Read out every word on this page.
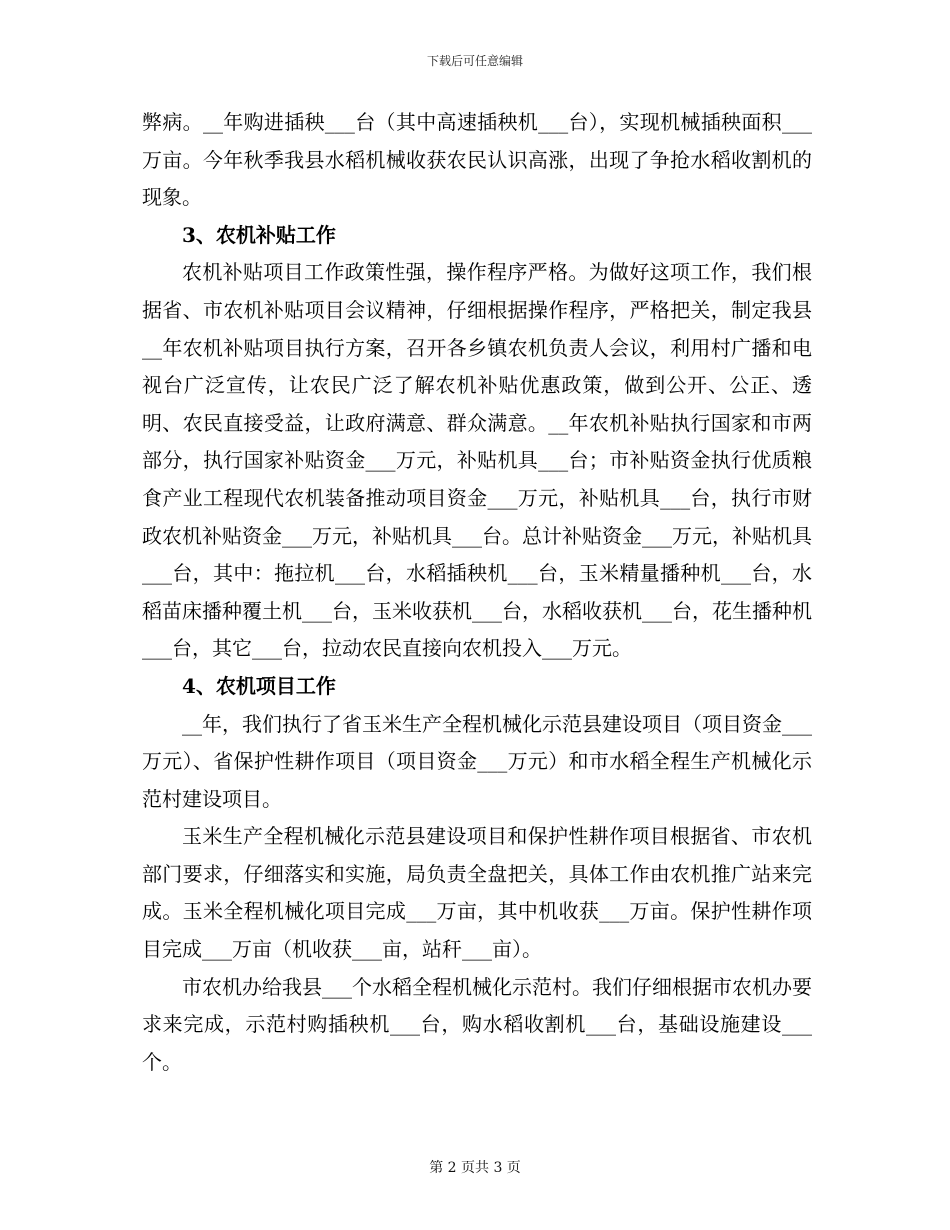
下载后可任意编辑

弊病。__年购进插秧___台（其中高速插秧机___台），实现机械插秧面积___万亩。今年秋季我县水稻机械收获农民认识高涨，出现了争抢水稻收割机的现象。

3、农机补贴工作

农机补贴项目工作政策性强，操作程序严格。为做好这项工作，我们根据省、市农机补贴项目会议精神，仔细根据操作程序，严格把关，制定我县__年农机补贴项目执行方案，召开各乡镇农机负责人会议，利用村广播和电视台广泛宣传，让农民广泛了解农机补贴优惠政策，做到公开、公正、透明、农民直接受益，让政府满意、群众满意。__年农机补贴执行国家和市两部分，执行国家补贴资金___万元，补贴机具___台；市补贴资金执行优质粮食产业工程现代农机装备推动项目资金___万元，补贴机具___台，执行市财政农机补贴资金___万元，补贴机具___台。总计补贴资金___万元，补贴机具___台，其中：拖拉机___台，水稻插秧机___台，玉米精量播种机___台，水稻苗床播种覆土机___台，玉米收获机___台，水稻收获机___台，花生播种机___台，其它___台，拉动农民直接向农机投入___万元。

4、农机项目工作

__年，我们执行了省玉米生产全程机械化示范县建设项目（项目资金___万元）、省保护性耕作项目（项目资金___万元）和市水稻全程生产机械化示范村建设项目。

玉米生产全程机械化示范县建设项目和保护性耕作项目根据省、市农机部门要求，仔细落实和实施，局负责全盘把关，具体工作由农机推广站来完成。玉米全程机械化项目完成___万亩，其中机收获___万亩。保护性耕作项目完成___万亩（机收获___亩，站秆___亩）。

市农机办给我县___个水稻全程机械化示范村。我们仔细根据市农机办要求来完成，示范村购插秧机___台，购水稻收割机___台，基础设施建设___个。

第 2 页共 3 页
